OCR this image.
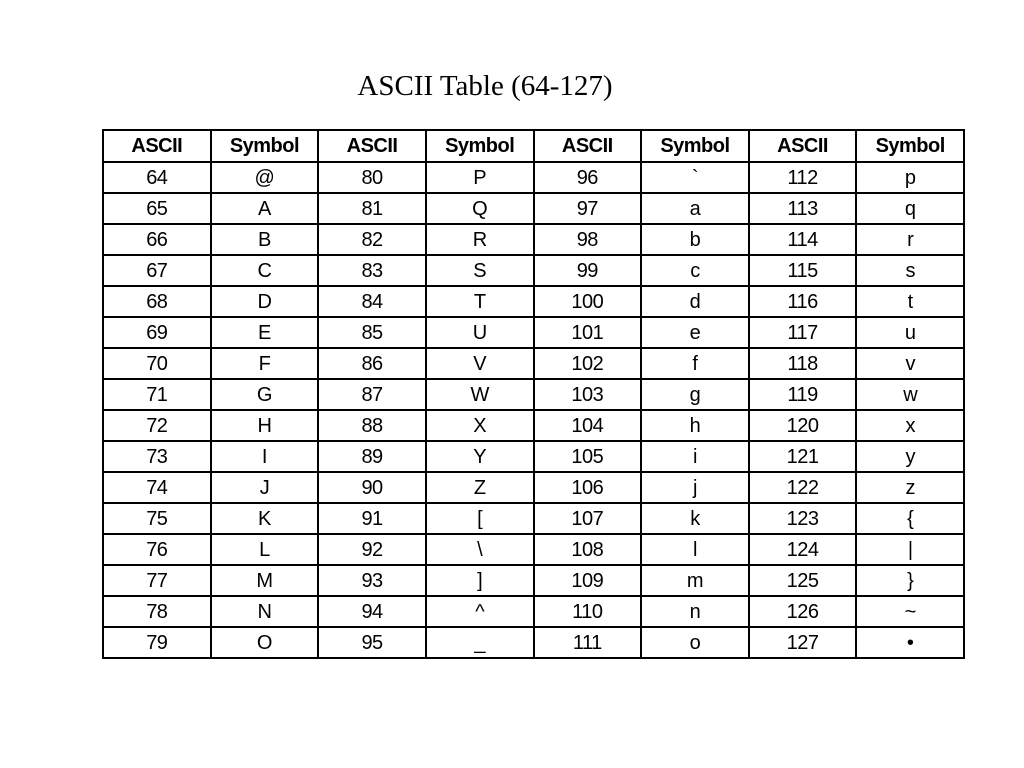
ASCII Table (64-127)
ASCII	Symbol	ASCII	Symbol	ASCII	Symbol	ASCII	Symbol
64	@	80	P	96	`	112	p
65	A	81	Q	97	a	113	q
66	B	82	R	98	b	114	r
67	C	83	S	99	c	115	s
68	D	84	T	100	d	116	t
69	E	85	U	101	e	117	u
70	F	86	V	102	f	118	v
71	G	87	W	103	g	119	w
72	H	88	X	104	h	120	x
73	I	89	Y	105	i	121	y
74	J	90	Z	106	j	122	z
75	K	91	[	107	k	123	{
76	L	92	\	108	l	124	|
77	M	93	]	109	m	125	}
78	N	94	^	110	n	126	~
79	O	95	_	111	o	127	•
